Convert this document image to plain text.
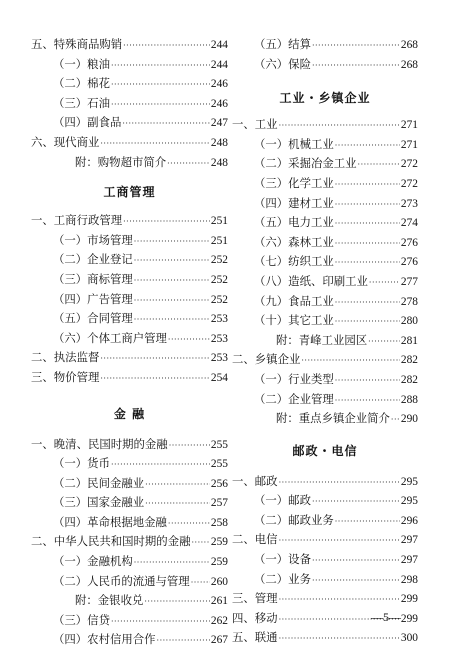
五、特殊商品购销 ·····	244
（一）粮油 ·····	244
（二）棉花 ·····	246
（三）石油 ·····	246
（四）副食品 ·····	247
六、现代商业 ·····	248
附：购物超市简介 ·····	248
工商管理
一、工商行政管理 ·····	251
（一）市场管理 ·····	251
（二）企业登记 ·····	252
（三）商标管理 ·····	252
（四）广告管理 ·····	252
（五）合同管理 ·····	253
（六）个体工商户管理 ·····	253
二、执法监督 ·····	253
三、物价管理 ·····	254
金 融
一、晚清、民国时期的金融 ·····	255
（一）货币 ·····	255
（二）民间金融业 ·····	256
（三）国家金融业 ·····	257
（四）革命根据地金融 ·····	258
二、中华人民共和国时期的金融 ····· 259
（一）金融机构 ·····	259
（二）人民币的流通与管理 ····· 260
附：金银收兑 ·····	261
（三）信贷 ·····	262
（四）农村信用合作 ·····	267
（五）结算 ·····	268
（六）保险 ·····	268
工业・乡镇企业
一、工业 ·····	271
（一）机械工业 ·····	271
（二）采掘冶金工业 ·····	272
（三）化学工业 ·····	272
（四）建材工业 ·····	273
（五）电力工业 ·····	274
（六）森林工业 ·····	276
（七）纺织工业 ·····	276
（八）造纸、印刷工业 ·····	277
（九）食品工业 ·····	278
（十）其它工业 ·····	280
附：青峰工业园区 ·····	281
二、乡镇企业 ·····	282
（一）行业类型 ·····	282
（二）企业管理 ·····	288
附：重点乡镇企业简介 ····· 290
邮政・电信
一、邮政 ·····	295
（一）邮政 ·····	295
（二）邮政业务 ·····	296
二、电信 ·····	297
（一）设备 ·····	297
（二）业务 ·····	298
三、管理 ·····	299
四、移动 ·····	299
五、联通 ·····	300
—5—
